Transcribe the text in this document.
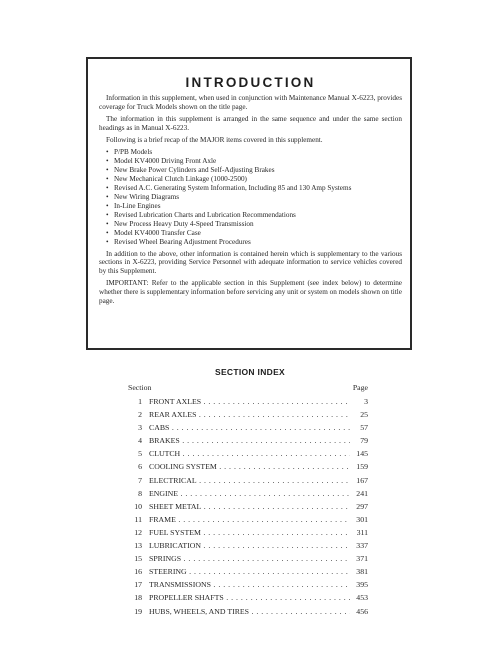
INTRODUCTION

Information in this supplement, when used in conjunction with Maintenance Manual X-6223, provides coverage for Truck Models shown on the title page.

The information in this supplement is arranged in the same sequence and under the same section headings as in Manual X-6223.

Following is a brief recap of the MAJOR items covered in this supplement.

• P/PB Models
• Model KV4000 Driving Front Axle
• New Brake Power Cylinders and Self-Adjusting Brakes
• New Mechanical Clutch Linkage (1000-2500)
• Revised A.C. Generating System Information, Including 85 and 130 Amp Systems
• New Wiring Diagrams
• In-Line Engines
• Revised Lubrication Charts and Lubrication Recommendations
• New Process Heavy Duty 4-Speed Transmission
• Model KV4000 Transfer Case
• Revised Wheel Bearing Adjustment Procedures

In addition to the above, other information is contained herein which is supplementary to the various sections in X-6223, providing Service Personnel with adequate information to service vehicles covered by this Supplement.

IMPORTANT: Refer to the applicable section in this Supplement (see index below) to determine whether there is supplementary information before servicing any unit or system on models shown on title page.

SECTION INDEX
Section	Page
1 FRONT AXLES . . .	3
2 REAR AXLES . . .	25
3 CABS . . .	57
4 BRAKES . . .	79
5 CLUTCH . . .	145
6 COOLING SYSTEM . . .	159
7 ELECTRICAL . . .	167
8 ENGINE . . .	241
10 SHEET METAL . . .	297
11 FRAME . . .	301
12 FUEL SYSTEM . . .	311
13 LUBRICATION . . .	337
15 SPRINGS . . .	371
16 STEERING . . .	381
17 TRANSMISSIONS . . .	395
18 PROPELLER SHAFTS . . .	453
19 HUBS, WHEELS, AND TIRES . . .	456
